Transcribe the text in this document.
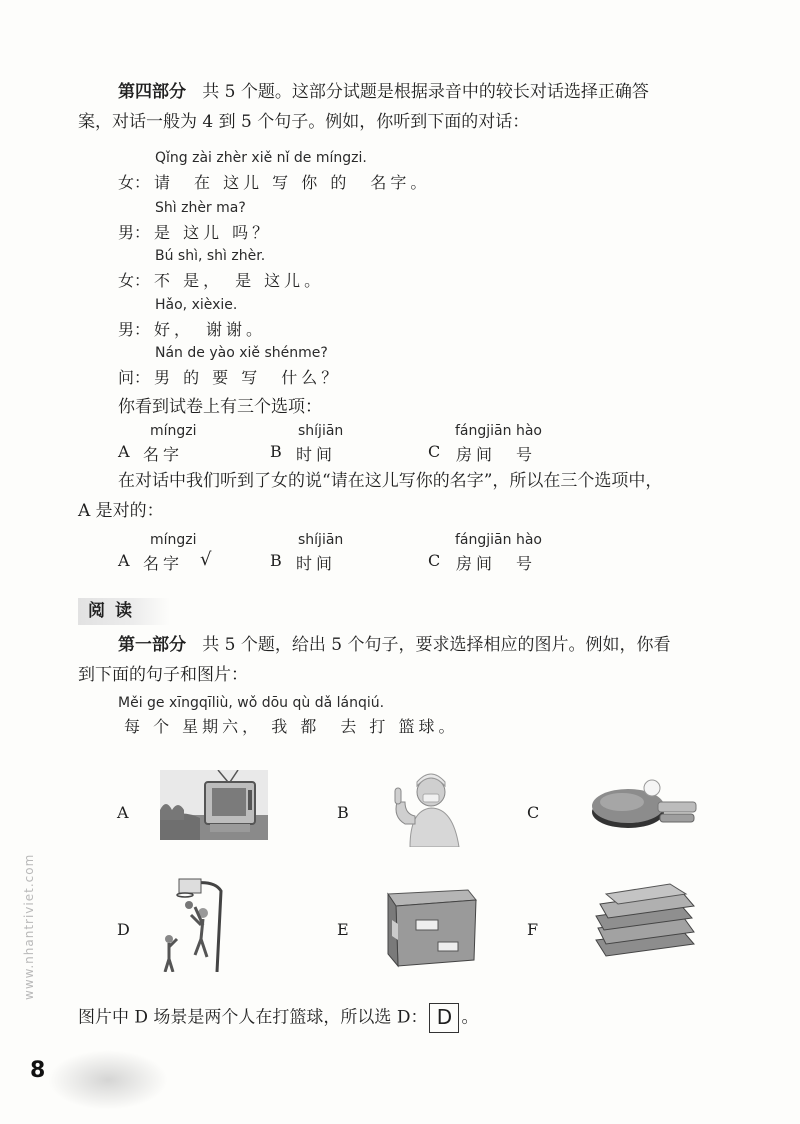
第四部分 共 5 个题。这部分试题是根据录音中的较长对话选择正确答
案，对话一般为 4 到 5 个句子。例如，你听到下面的对话：
Qǐng zài zhèr xiě nǐ de míngzi.
女： 请　在 这儿 写 你 的　名字。
Shì zhèr ma?
男： 是 这儿 吗？
Bú shì, shì zhèr.
女： 不 是，　是 这儿。
Hǎo, xièxie.
男： 好，　谢谢。
Nán de yào xiě shénme?
问： 男 的 要 写　什么？
你看到试卷上有三个选项：
míngzi
A 名字
shíjiān
B 时间
fángjiān hào
C 房间　号
在对话中我们听到了女的说“请在这儿写你的名字”，所以在三个选项中，
A 是对的：
míngzi
A 名字 √
shíjiān
B 时间
fángjiān hào
C 房间　号
阅读
第一部分 共 5 个题，给出 5 个句子，要求选择相应的图片。例如，你看
到下面的句子和图片：
Měi ge xīngqīliù, wǒ dōu qù dǎ lánqiú.
每 个 星期六， 我 都　去 打 篮球。
A	B	C
D	E	F
图片中 D 场景是两个人在打篮球，所以选 D： D 。
www.nhantriviet.com
8
